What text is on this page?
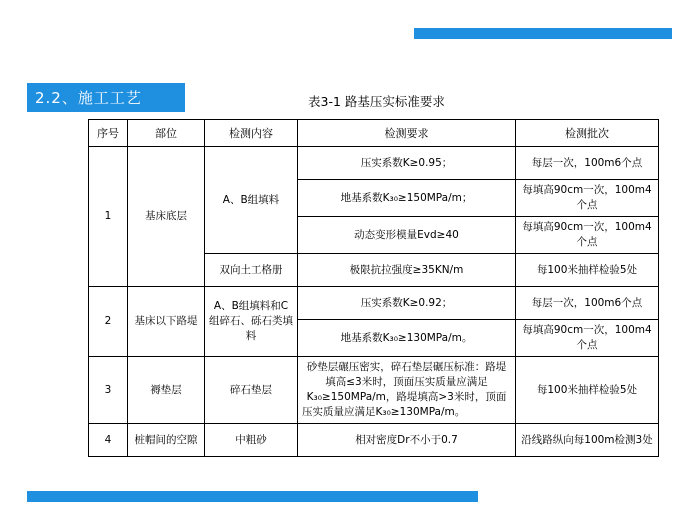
2.2、施工工艺	表3-1 路基压实标准要求
序号	部位	检测内容	检测要求	检测批次
1	基床底层	A、B组填料	压实系数K≥0.95；	每层一次，100m6个点
			地基系数K₃₀≥150MPa/m；	每填高90cm一次，100m4个点
			动态变形模量Evd≥40	每填高90cm一次，100m4个点
		双向土工格册	极限抗拉强度≥35KN/m	每100米抽样检验5处
2	基床以下路堤	A、B组填料和C组碎石、砾石类填料	压实系数K≥0.92；	每层一次，100m6个点
			地基系数K₃₀≥130MPa/m。	每填高90cm一次，100m4个点
3	褥垫层	碎石垫层	砂垫层碾压密实，碎石垫层碾压标准：路堤填高≤3米时，顶面压实质量应满足K₃₀≥150MPa/m，路堤填高>3米时，顶面压实质量应满足K₃₀≥130MPa/m。	每100米抽样检验5处
4	桩帽间的空隙	中粗砂	相对密度Dr不小于0.7	沿线路纵向每100m检测3处
